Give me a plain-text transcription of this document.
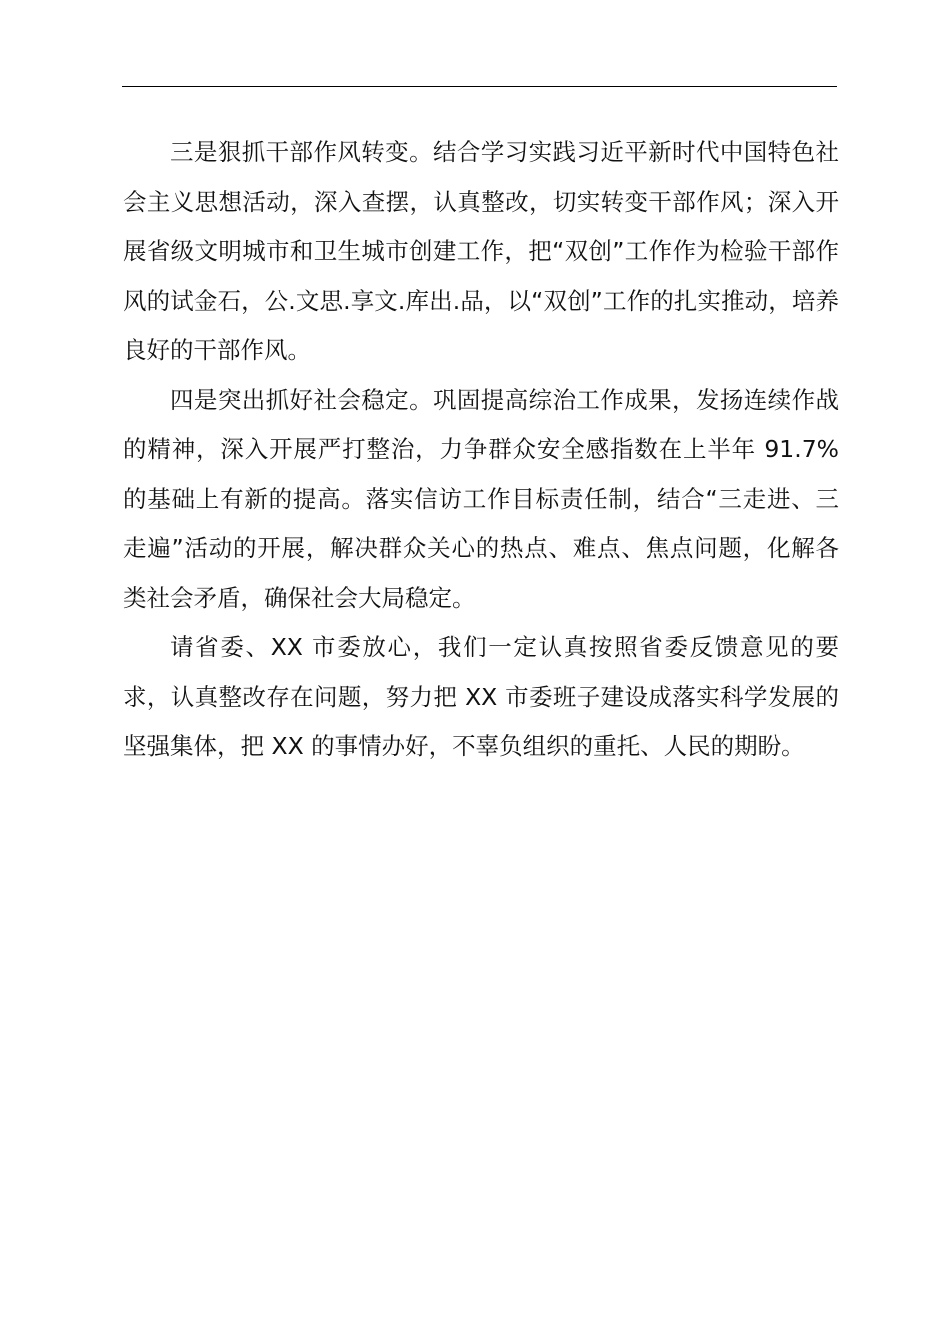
三是狠抓干部作风转变。结合学习实践习近平新时代中国特色社会主义思想活动，深入查摆，认真整改，切实转变干部作风；深入开展省级文明城市和卫生城市创建工作，把“双创”工作作为检验干部作风的试金石，公.文思.享文.库出.品，以“双创”工作的扎实推动，培养良好的干部作风。

四是突出抓好社会稳定。巩固提高综治工作成果，发扬连续作战的精神，深入开展严打整治，力争群众安全感指数在上半年 91.7%的基础上有新的提高。落实信访工作目标责任制，结合“三走进、三走遍”活动的开展，解决群众关心的热点、难点、焦点问题，化解各类社会矛盾，确保社会大局稳定。

请省委、XX 市委放心，我们一定认真按照省委反馈意见的要求，认真整改存在问题，努力把 XX 市委班子建设成落实科学发展的坚强集体，把 XX 的事情办好，不辜负组织的重托、人民的期盼。
